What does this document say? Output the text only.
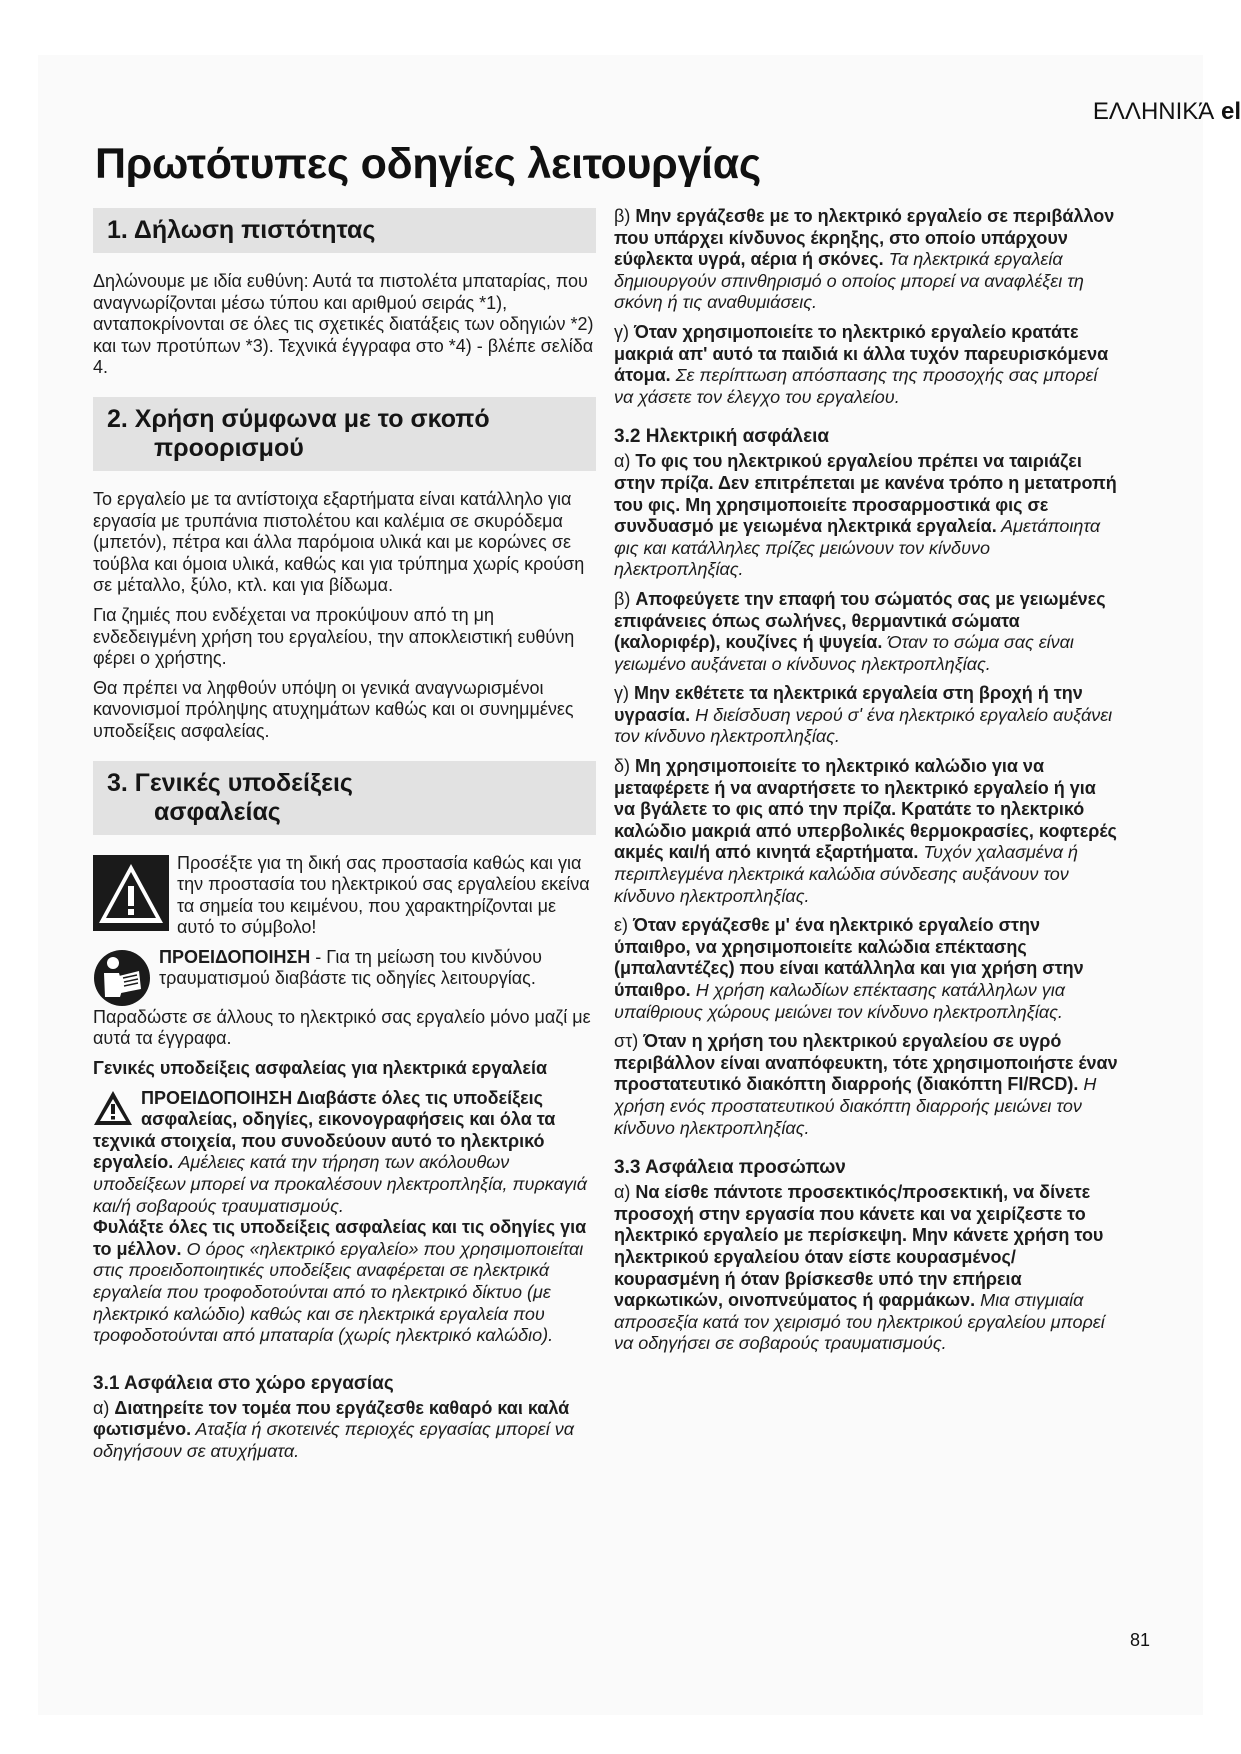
ΕΛΛΗΝΙΚΆ el
Πρωτότυπες οδηγίες λειτουργίας
1. Δήλωση πιστότητας

Δηλώνουμε με ιδία ευθύνη: Αυτά τα πιστολέτα μπαταρίας, που αναγνωρίζονται μέσω τύπου και αριθμού σειράς *1), ανταποκρίνονται σε όλες τις σχετικές διατάξεις των οδηγιών *2) και των προτύπων *3). Τεχνικά έγγραφα στο *4) - βλέπε σελίδα 4.

2. Χρήση σύμφωνα με το σκοπό
προορισμού

Το εργαλείο με τα αντίστοιχα εξαρτήματα είναι κατάλληλο για εργασία με τρυπάνια πιστολέτου και καλέμια σε σκυρόδεμα (μπετόν), πέτρα και άλλα παρόμοια υλικά και με κορώνες σε τούβλα και όμοια υλικά, καθώς και για τρύπημα χωρίς κρούση σε μέταλλο, ξύλο, κτλ. και για βίδωμα.

Για ζημιές που ενδέχεται να προκύψουν από τη μη ενδεδειγμένη χρήση του εργαλείου, την αποκλειστική ευθύνη φέρει ο χρήστης.

Θα πρέπει να ληφθούν υπόψη οι γενικά αναγνωρισμένοι κανονισμοί πρόληψης ατυχημάτων καθώς και οι συνημμένες υποδείξεις ασφαλείας.

3. Γενικές υποδείξεις
ασφαλείας

Προσέξτε για τη δική σας προστασία καθώς και για την προστασία του ηλεκτρικού σας εργαλείου εκείνα τα σημεία του κειμένου, που χαρακτηρίζονται με αυτό το σύμβολο!

ΠΡΟΕΙΔΟΠΟΙΗΣΗ - Για τη μείωση του κινδύνου τραυματισμού διαβάστε τις οδηγίες λειτουργίας.

Παραδώστε σε άλλους το ηλεκτρικό σας εργαλείο μόνο μαζί με αυτά τα έγγραφα.

Γενικές υποδείξεις ασφαλείας για ηλεκτρικά εργαλεία

ΠΡΟΕΙΔΟΠΟΙΗΣΗ Διαβάστε όλες τις υποδείξεις ασφαλείας, οδηγίες, εικονογραφήσεις και όλα τα τεχνικά στοιχεία, που συνοδεύουν αυτό το ηλεκτρικό εργαλείο. Αμέλειες κατά την τήρηση των ακόλουθων υποδείξεων μπορεί να προκαλέσουν ηλεκτροπληξία, πυρκαγιά και/ή σοβαρούς τραυματισμούς.
Φυλάξτε όλες τις υποδείξεις ασφαλείας και τις οδηγίες για το μέλλον. Ο όρος «ηλεκτρικό εργαλείο» που χρησιμοποιείται στις προειδοποιητικές υποδείξεις αναφέρεται σε ηλεκτρικά εργαλεία που τροφοδοτούνται από το ηλεκτρικό δίκτυο (με ηλεκτρικό καλώδιο) καθώς και σε ηλεκτρικά εργαλεία που τροφοδοτούνται από μπαταρία (χωρίς ηλεκτρικό καλώδιο).

3.1 Ασφάλεια στο χώρο εργασίας

α) Διατηρείτε τον τομέα που εργάζεσθε καθαρό και καλά φωτισμένο. Αταξία ή σκοτεινές περιοχές εργασίας μπορεί να οδηγήσουν σε ατυχήματα.

β) Μην εργάζεσθε με το ηλεκτρικό εργαλείο σε περιβάλλον που υπάρχει κίνδυνος έκρηξης, στο οποίο υπάρχουν εύφλεκτα υγρά, αέρια ή σκόνες. Τα ηλεκτρικά εργαλεία δημιουργούν σπινθηρισμό ο οποίος μπορεί να αναφλέξει τη σκόνη ή τις αναθυμιάσεις.

γ) Όταν χρησιμοποιείτε το ηλεκτρικό εργαλείο κρατάτε μακριά απ' αυτό τα παιδιά κι άλλα τυχόν παρευρισκόμενα άτομα. Σε περίπτωση απόσπασης της προσοχής σας μπορεί να χάσετε τον έλεγχο του εργαλείου.

3.2 Ηλεκτρική ασφάλεια

α) Το φις του ηλεκτρικού εργαλείου πρέπει να ταιριάζει στην πρίζα. Δεν επιτρέπεται με κανένα τρόπο η μετατροπή του φις. Μη χρησιμοποιείτε προσαρμοστικά φις σε συνδυασμό με γειωμένα ηλεκτρικά εργαλεία. Αμετάποιητα φις και κατάλληλες πρίζες μειώνουν τον κίνδυνο ηλεκτροπληξίας.

β) Αποφεύγετε την επαφή του σώματός σας με γειωμένες επιφάνειες όπως σωλήνες, θερμαντικά σώματα (καλοριφέρ), κουζίνες ή ψυγεία. Όταν το σώμα σας είναι γειωμένο αυξάνεται ο κίνδυνος ηλεκτροπληξίας.

γ) Μην εκθέτετε τα ηλεκτρικά εργαλεία στη βροχή ή την υγρασία. Η διείσδυση νερού σ' ένα ηλεκτρικό εργαλείο αυξάνει τον κίνδυνο ηλεκτροπληξίας.

δ) Μη χρησιμοποιείτε το ηλεκτρικό καλώδιο για να μεταφέρετε ή να αναρτήσετε το ηλεκτρικό εργαλείο ή για να βγάλετε το φις από την πρίζα. Κρατάτε το ηλεκτρικό καλώδιο μακριά από υπερβολικές θερμοκρασίες, κοφτερές ακμές και/ή από κινητά εξαρτήματα. Τυχόν χαλασμένα ή περιπλεγμένα ηλεκτρικά καλώδια σύνδεσης αυξάνουν τον κίνδυνο ηλεκτροπληξίας.

ε) Όταν εργάζεσθε μ' ένα ηλεκτρικό εργαλείο στην ύπαιθρο, να χρησιμοποιείτε καλώδια επέκτασης (μπαλαντέζες) που είναι κατάλληλα και για χρήση στην ύπαιθρο. Η χρήση καλωδίων επέκτασης κατάλληλων για υπαίθριους χώρους μειώνει τον κίνδυνο ηλεκτροπληξίας.

στ) Όταν η χρήση του ηλεκτρικού εργαλείου σε υγρό περιβάλλον είναι αναπόφευκτη, τότε χρησιμοποιήστε έναν προστατευτικό διακόπτη διαρροής (διακόπτη FI/RCD). Η χρήση ενός προστατευτικού διακόπτη διαρροής μειώνει τον κίνδυνο ηλεκτροπληξίας.

3.3 Ασφάλεια προσώπων

α) Να είσθε πάντοτε προσεκτικός/προσεκτική, να δίνετε προσοχή στην εργασία που κάνετε και να χειρίζεστε το ηλεκτρικό εργαλείο με περίσκεψη. Μην κάνετε χρήση του ηλεκτρικού εργαλείου όταν είστε κουρασμένος/κουρασμένη ή όταν βρίσκεσθε υπό την επήρεια ναρκωτικών, οινοπνεύματος ή φαρμάκων. Μια στιγμιαία απροσεξία κατά τον χειρισμό του ηλεκτρικού εργαλείου μπορεί να οδηγήσει σε σοβαρούς τραυματισμούς.

81
